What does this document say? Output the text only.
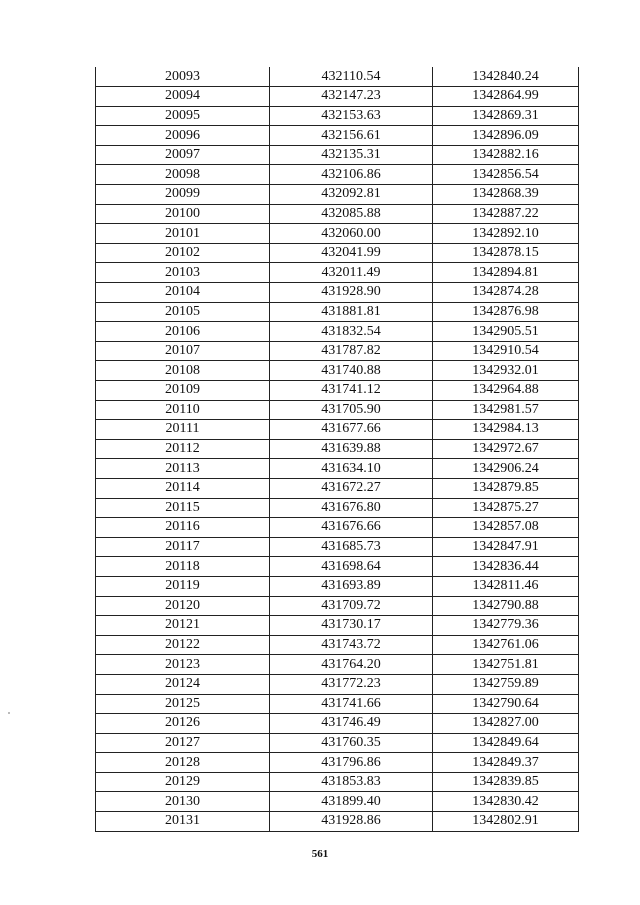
20093	432110.54	1342840.24
20094	432147.23	1342864.99
20095	432153.63	1342869.31
20096	432156.61	1342896.09
20097	432135.31	1342882.16
20098	432106.86	1342856.54
20099	432092.81	1342868.39
20100	432085.88	1342887.22
20101	432060.00	1342892.10
20102	432041.99	1342878.15
20103	432011.49	1342894.81
20104	431928.90	1342874.28
20105	431881.81	1342876.98
20106	431832.54	1342905.51
20107	431787.82	1342910.54
20108	431740.88	1342932.01
20109	431741.12	1342964.88
20110	431705.90	1342981.57
20111	431677.66	1342984.13
20112	431639.88	1342972.67
20113	431634.10	1342906.24
20114	431672.27	1342879.85
20115	431676.80	1342875.27
20116	431676.66	1342857.08
20117	431685.73	1342847.91
20118	431698.64	1342836.44
20119	431693.89	1342811.46
20120	431709.72	1342790.88
20121	431730.17	1342779.36
20122	431743.72	1342761.06
20123	431764.20	1342751.81
20124	431772.23	1342759.89
20125	431741.66	1342790.64
20126	431746.49	1342827.00
20127	431760.35	1342849.64
20128	431796.86	1342849.37
20129	431853.83	1342839.85
20130	431899.40	1342830.42
20131	431928.86	1342802.91
561
